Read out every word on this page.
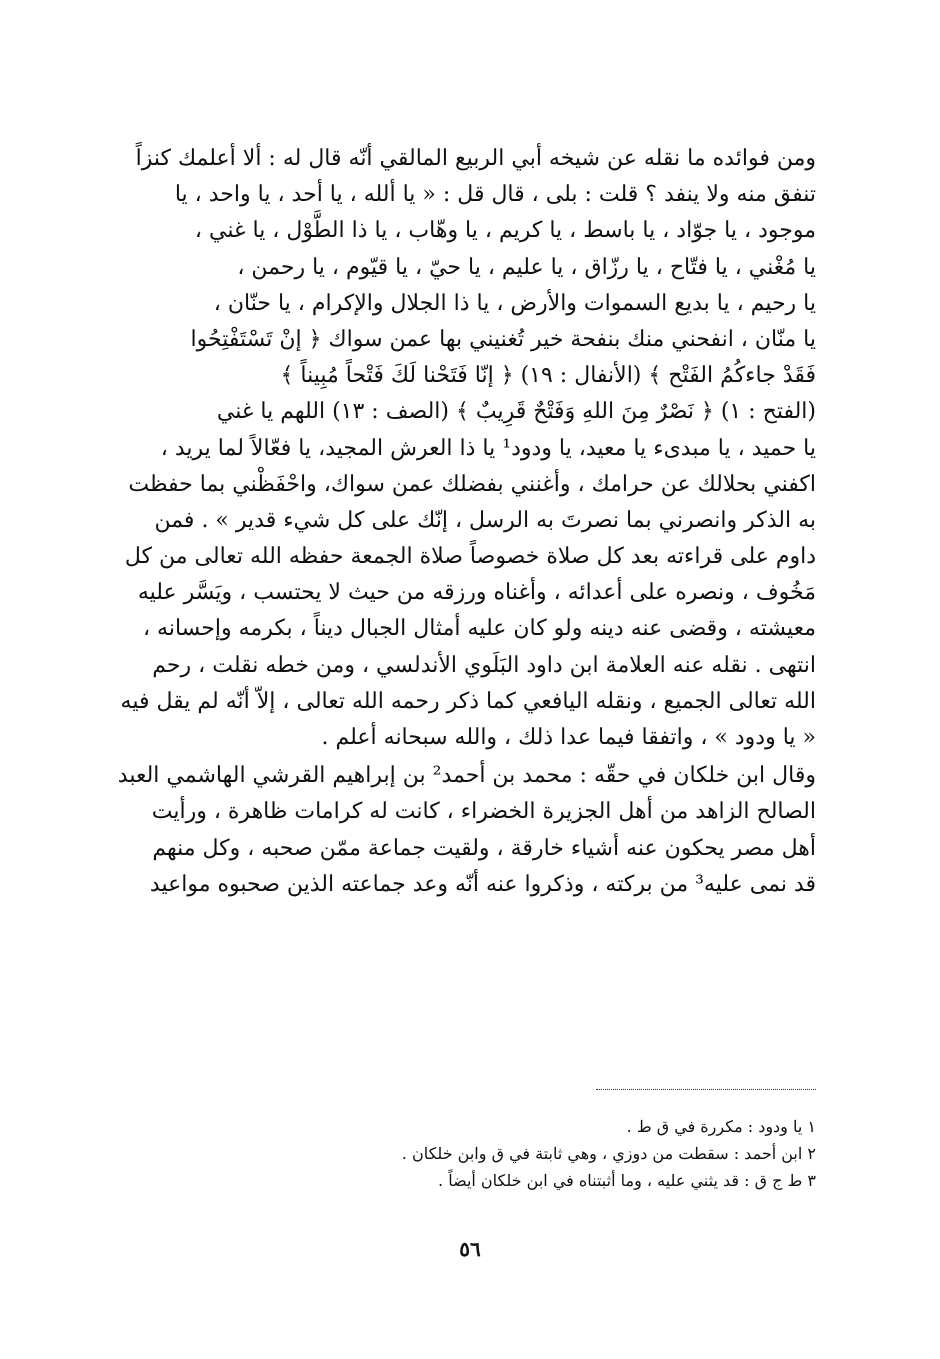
ومن فوائده ما نقله عن شيخه أبي الربيع المالقي أنّه قال له : ألا أعلمك كنزاً
تنفق منه ولا ينفد ؟ قلت : بلى ، قال قل : « يا ألله ، يا أحد ، يا واحد ، يا
موجود ، يا جوّاد ، يا باسط ، يا كريم ، يا وهّاب ، يا ذا الطَّوْل ، يا غني ،
يا مُغْني ، يا فتّاح ، يا رزّاق ، يا عليم ، يا حيّ ، يا قيّوم ، يا رحمن ،
يا رحيم ، يا بديع السموات والأرض ، يا ذا الجلال والإكرام ، يا حنّان ،
يا منّان ، انفحني منك بنفحة خير تُغنيني بها عمن سواك ﴿ إنْ تَسْتَفْتِحُوا
فَقَدْ جاءكُمُ الفَتْح ﴾ (الأنفال : ١٩) ﴿ إنّا فَتَحْنا لَكَ فَتْحاً مُبِيناً ﴾
(الفتح : ١) ﴿ نَصْرٌ مِنَ اللهِ وَفَتْحٌ قَرِيبٌ ﴾ (الصف : ١٣) اللهم يا غني
يا حميد ، يا مبدىء يا معيد، يا ودود¹ يا ذا العرش المجيد، يا فعّالاً لما يريد ،
اكفني بحلالك عن حرامك ، وأغنني بفضلك عمن سواك، واحْفَظْني بما حفظت
به الذكر وانصرني بما نصرتَ به الرسل ، إنّك على كل شيء قدير » . فمن
داوم على قراءته بعد كل صلاة خصوصاً صلاة الجمعة حفظه الله تعالى من كل
مَخُوف ، ونصره على أعدائه ، وأغناه ورزقه من حيث لا يحتسب ، ويَسَّر عليه
معيشته ، وقضى عنه دينه ولو كان عليه أمثال الجبال ديناً ، بكرمه وإحسانه ،
انتهى . نقله عنه العلامة ابن داود البَلَوي الأندلسي ، ومن خطه نقلت ، رحم
الله تعالى الجميع ، ونقله اليافعي كما ذكر رحمه الله تعالى ، إلاّ أنّه لم يقل فيه
« يا ودود » ، واتفقا فيما عدا ذلك ، والله سبحانه أعلم .
وقال ابن خلكان في حقّه : محمد بن أحمد² بن إبراهيم القرشي الهاشمي العبد
الصالح الزاهد من أهل الجزيرة الخضراء ، كانت له كرامات ظاهرة ، ورأيت
أهل مصر يحكون عنه أشياء خارقة ، ولقيت جماعة ممّن صحبه ، وكل منهم
قد نمى عليه³ من بركته ، وذكروا عنه أنّه وعد جماعته الذين صحبوه مواعيد
١ يا ودود : مكررة في ق ط .
٢ ابن أحمد : سقطت من دوزي ، وهي ثابتة في ق وابن خلكان .
٣ ط ج ق : قد يثني عليه ، وما أثبتناه في ابن خلكان أيضاً .
٥٦
